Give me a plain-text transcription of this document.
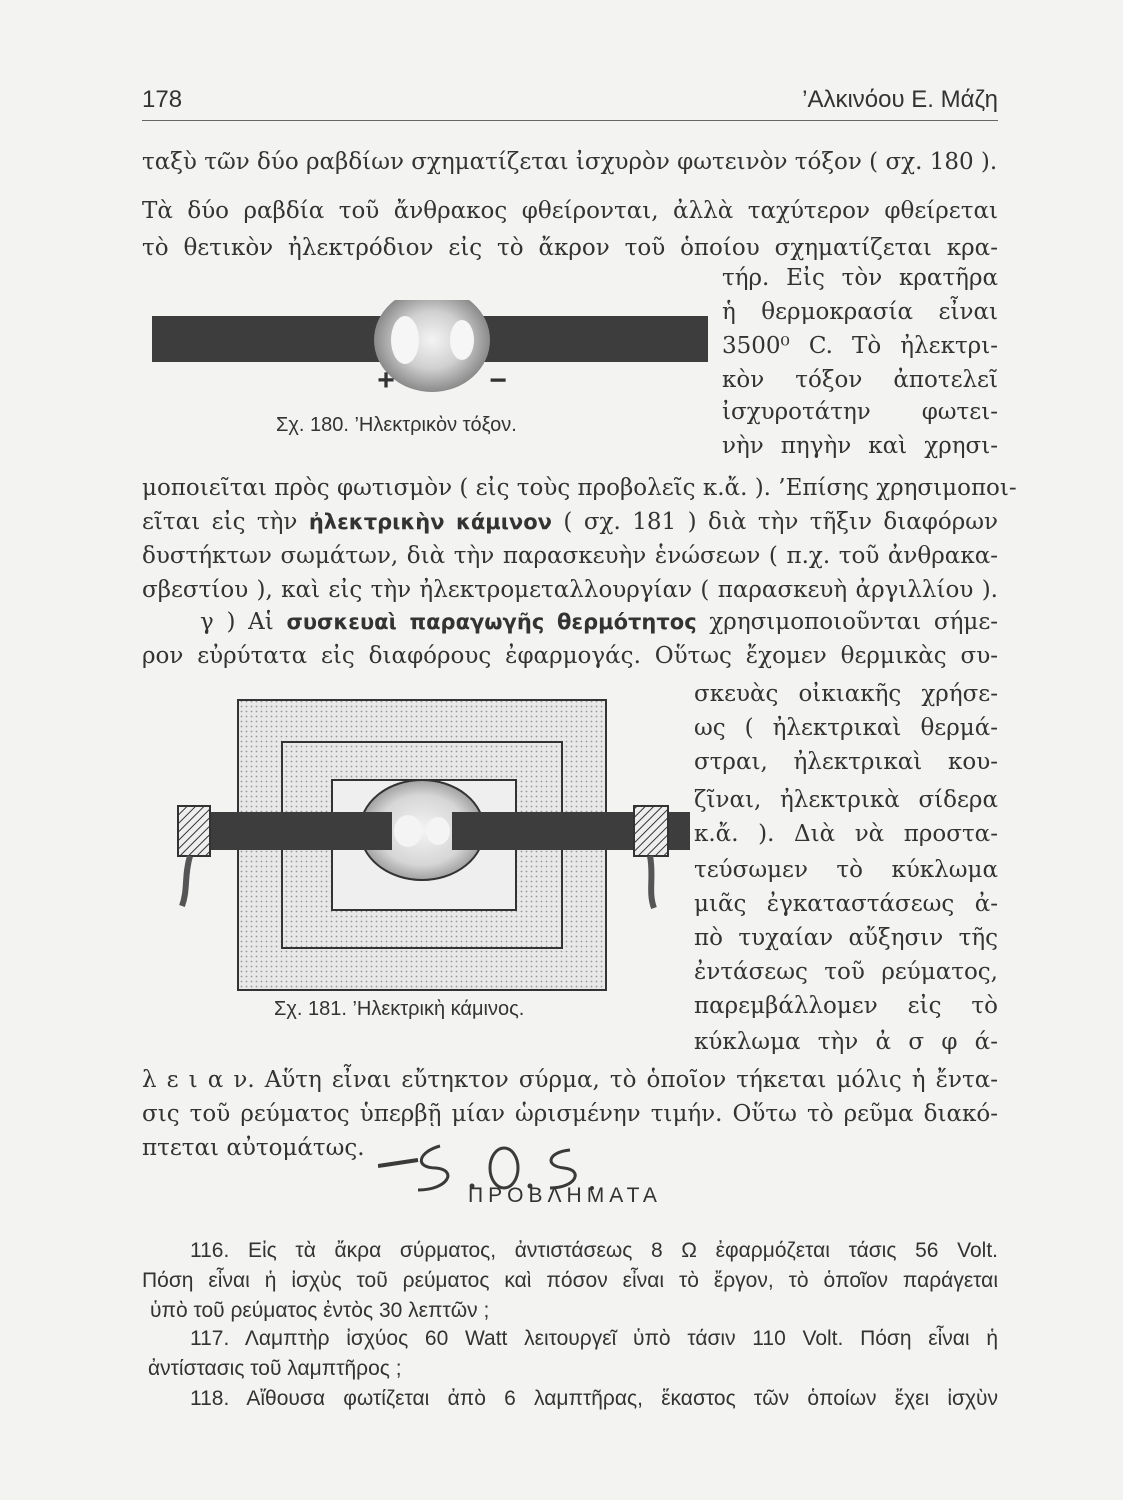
178	’Αλκινόου Ε. Μάζη
ταξὺ τῶν δύο ραβδίων σχηματίζεται ἰσχυρὸν φωτεινὸν τόξον ( σχ. 180 ).
Τὰ δύο ραβδία τοῦ ἄνθρακος φθείρονται, ἀλλὰ ταχύτερον φθείρεται
τὸ θετικὸν ἠλεκτρόδιον εἰς τὸ ἄκρον τοῦ ὁποίου σχηματίζεται κρα-
τήρ. Εἰς τὸν κρατῆρα
ἡ θερμοκρασία εἶναι
3500⁰ C. Τὸ ἠλεκτρι-
κὸν τόξον ἀποτελεῖ
ἰσχυροτάτην φωτει-
νὴν πηγὴν καὶ χρησι-
μοποιεῖται πρὸς φωτισμὸν ( εἰς τοὺς προβολεῖς κ.ἄ. ). ’Επίσης χρησιμοποι-
εῖται εἰς τὴν ἠλεκτρικὴν κάμινον ( σχ. 181 ) διὰ τὴν τῆξιν διαφόρων
δυστήκτων σωμάτων, διὰ τὴν παρασκευὴν ἑνώσεων ( π.χ. τοῦ ἀνθρακα-
σβεστίου ), καὶ εἰς τὴν ἠλεκτρομεταλλουργίαν ( παρασκευὴ ἀργιλλίου ).
γ ) Αἱ συσκευαὶ παραγωγῆς θερμότητος χρησιμοποιοῦνται σήμε-
ρον εὐρύτατα εἰς διαφόρους ἐφαρμογάς. Οὕτως ἔχομεν θερμικὰς συ-
σκευὰς οἰκιακῆς χρήσε-
ως ( ἠλεκτρικαὶ θερμά-
στραι, ἠλεκτρικαὶ κου-
ζῖναι, ἠλεκτρικὰ σίδερα
κ.ἄ. ). Διὰ νὰ προστα-
τεύσωμεν τὸ κύκλωμα
μιᾶς ἐγκαταστάσεως ἀ-
πὸ τυχαίαν αὔξησιν τῆς
ἐντάσεως τοῦ ρεύματος,
παρεμβάλλομεν εἰς τὸ
κύκλωμα τὴν ἀ σ φ ά-
λ ε ι α ν. Αὕτη εἶναι εὔτηκτον σύρμα, τὸ ὁποῖον τήκεται μόλις ἡ ἔντα-
σις τοῦ ρεύματος ὑπερβῇ μίαν ὡρισμένην τιμήν. Οὕτω τὸ ρεῦμα διακό-
πτεται αὐτομάτως.
+	−
Σχ. 180. ’Ηλεκτρικὸν τόξον.
Σχ. 181. ’Ηλεκτρικὴ κάμινος.
ΠΡΟΒΛΗΜΑΤΑ
116. Εἰς τὰ ἄκρα σύρματος, ἀντιστάσεως 8 Ω ἐφαρμόζεται τάσις 56 Volt.
Πόση εἶναι ἡ ἰσχὺς τοῦ ρεύματος καὶ πόσον εἶναι τὸ ἔργον, τὸ ὁποῖον παράγεται
ὑπὸ τοῦ ρεύματος ἐντὸς 30 λεπτῶν ;
117. Λαμπτὴρ ἰσχύος 60 Watt λειτουργεῖ ὑπὸ τάσιν 110 Volt. Πόση εἶναι ἡ
ἀντίστασις τοῦ λαμπτῆρος ;
118. Αἴθουσα φωτίζεται ἀπὸ 6 λαμπτῆρας, ἕκαστος τῶν ὁποίων ἔχει ἰσχὺν
